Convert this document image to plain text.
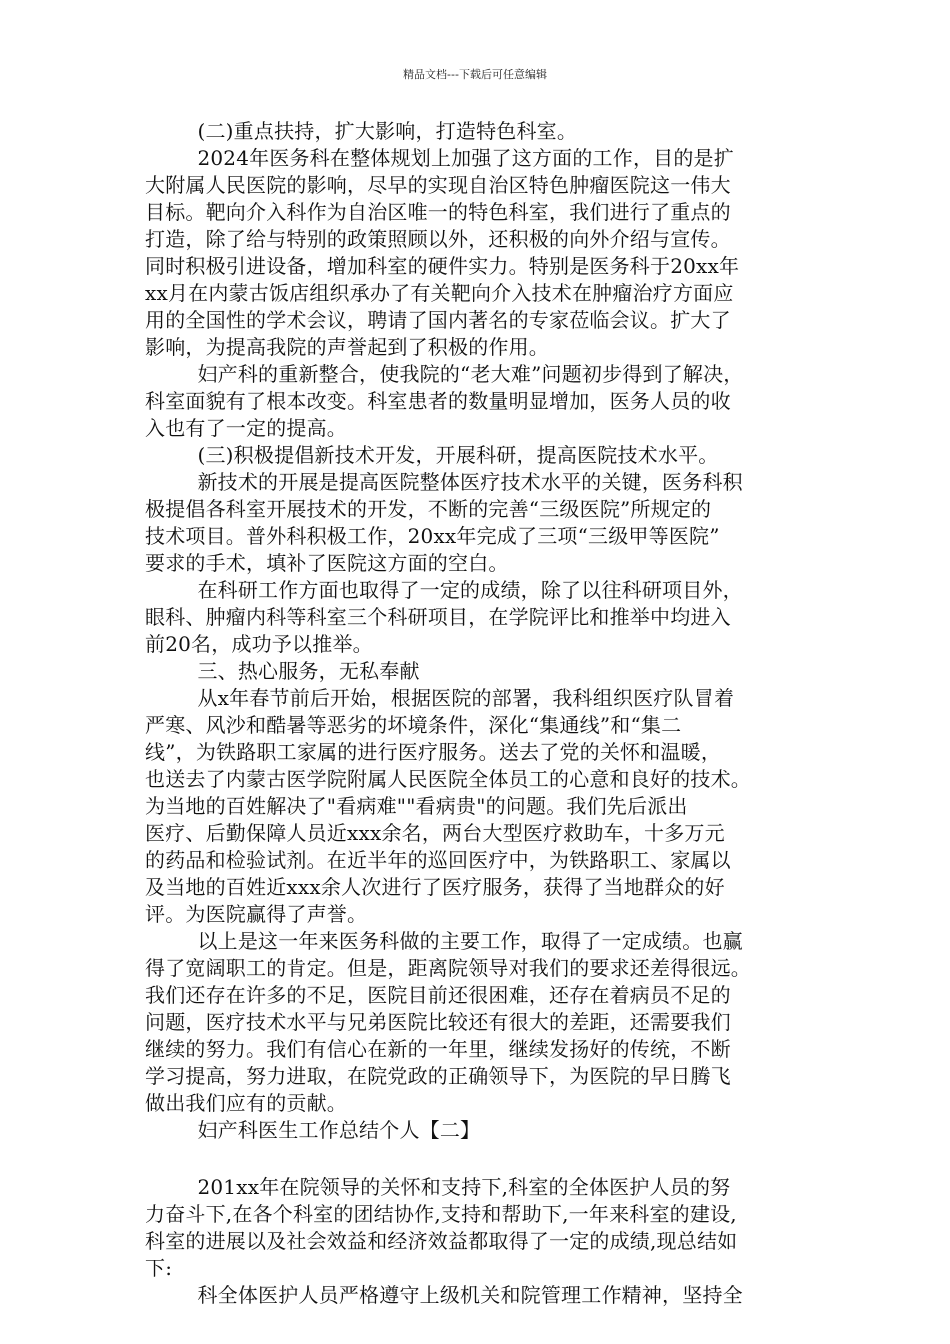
精品文档---下载后可任意编辑
(二)重点扶持，扩大影响，打造特色科室。
2024年医务科在整体规划上加强了这方面的工作，目的是扩
大附属人民医院的影响，尽早的实现自治区特色肿瘤医院这一伟大
目标。靶向介入科作为自治区唯一的特色科室，我们进行了重点的
打造，除了给与特别的政策照顾以外，还积极的向外介绍与宣传。
同时积极引进设备，增加科室的硬件实力。特别是医务科于20xx年
xx月在内蒙古饭店组织承办了有关靶向介入技术在肿瘤治疗方面应
用的全国性的学术会议，聘请了国内著名的专家莅临会议。扩大了
影响，为提高我院的声誉起到了积极的作用。
妇产科的重新整合，使我院的“老大难”问题初步得到了解决，
科室面貌有了根本改变。科室患者的数量明显增加，医务人员的收
入也有了一定的提高。
(三)积极提倡新技术开发，开展科研，提高医院技术水平。
新技术的开展是提高医院整体医疗技术水平的关键，医务科积
极提倡各科室开展技术的开发，不断的完善“三级医院”所规定的
技术项目。普外科积极工作，20xx年完成了三项“三级甲等医院”
要求的手术，填补了医院这方面的空白。
在科研工作方面也取得了一定的成绩，除了以往科研项目外，
眼科、肿瘤内科等科室三个科研项目，在学院评比和推举中均进入
前20名，成功予以推举。
三、热心服务，无私奉献
从x年春节前后开始，根据医院的部署，我科组织医疗队冒着
严寒、风沙和酷暑等恶劣的坏境条件，深化“集通线”和“集二
线”，为铁路职工家属的进行医疗服务。送去了党的关怀和温暖，
也送去了内蒙古医学院附属人民医院全体员工的心意和良好的技术。
为当地的百姓解决了"看病难""看病贵"的问题。我们先后派出
医疗、后勤保障人员近xxx余名，两台大型医疗救助车，十多万元
的药品和检验试剂。在近半年的巡回医疗中，为铁路职工、家属以
及当地的百姓近xxx余人次进行了医疗服务，获得了当地群众的好
评。为医院赢得了声誉。
以上是这一年来医务科做的主要工作，取得了一定成绩。也赢
得了宽阔职工的肯定。但是，距离院领导对我们的要求还差得很远。
我们还存在许多的不足，医院目前还很困难，还存在着病员不足的
问题，医疗技术水平与兄弟医院比较还有很大的差距，还需要我们
继续的努力。我们有信心在新的一年里，继续发扬好的传统，不断
学习提高，努力进取，在院党政的正确领导下，为医院的早日腾飞
做出我们应有的贡献。
妇产科医生工作总结个人【二】
201xx年在院领导的关怀和支持下,科室的全体医护人员的努
力奋斗下,在各个科室的团结协作,支持和帮助下,一年来科室的建设,
科室的进展以及社会效益和经济效益都取得了一定的成绩,现总结如
下:
科全体医护人员严格遵守上级机关和院管理工作精神，坚持全
